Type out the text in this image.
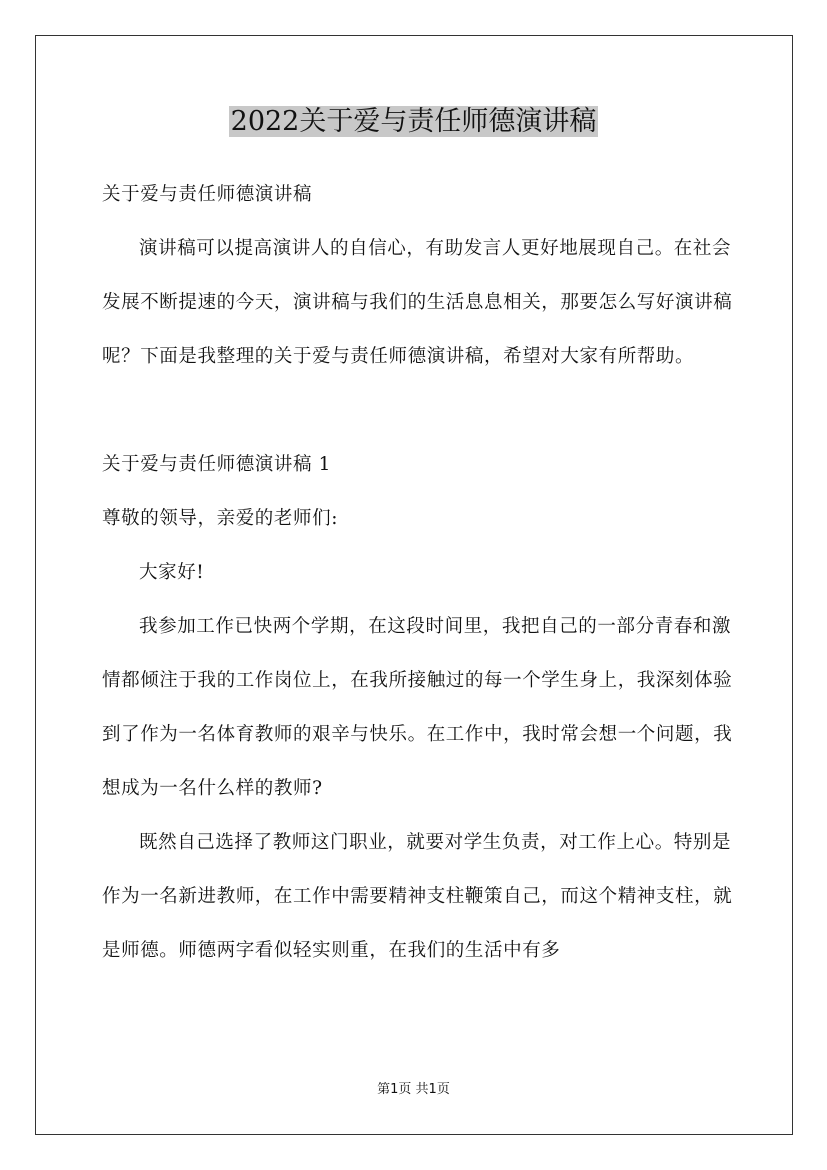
2022关于爱与责任师德演讲稿

关于爱与责任师德演讲稿

演讲稿可以提高演讲人的自信心，有助发言人更好地展现自己。在社会发展不断提速的今天，演讲稿与我们的生活息息相关，那要怎么写好演讲稿呢？下面是我整理的关于爱与责任师德演讲稿，希望对大家有所帮助。

关于爱与责任师德演讲稿 1

尊敬的领导，亲爱的老师们:

大家好!

我参加工作已快两个学期，在这段时间里，我把自己的一部分青春和激情都倾注于我的工作岗位上，在我所接触过的每一个学生身上，我深刻体验到了作为一名体育教师的艰辛与快乐。在工作中，我时常会想一个问题，我想成为一名什么样的教师?

既然自己选择了教师这门职业，就要对学生负责，对工作上心。特别是作为一名新进教师，在工作中需要精神支柱鞭策自己，而这个精神支柱，就是师德。师德两字看似轻实则重，在我们的生活中有多

第1页 共1页
